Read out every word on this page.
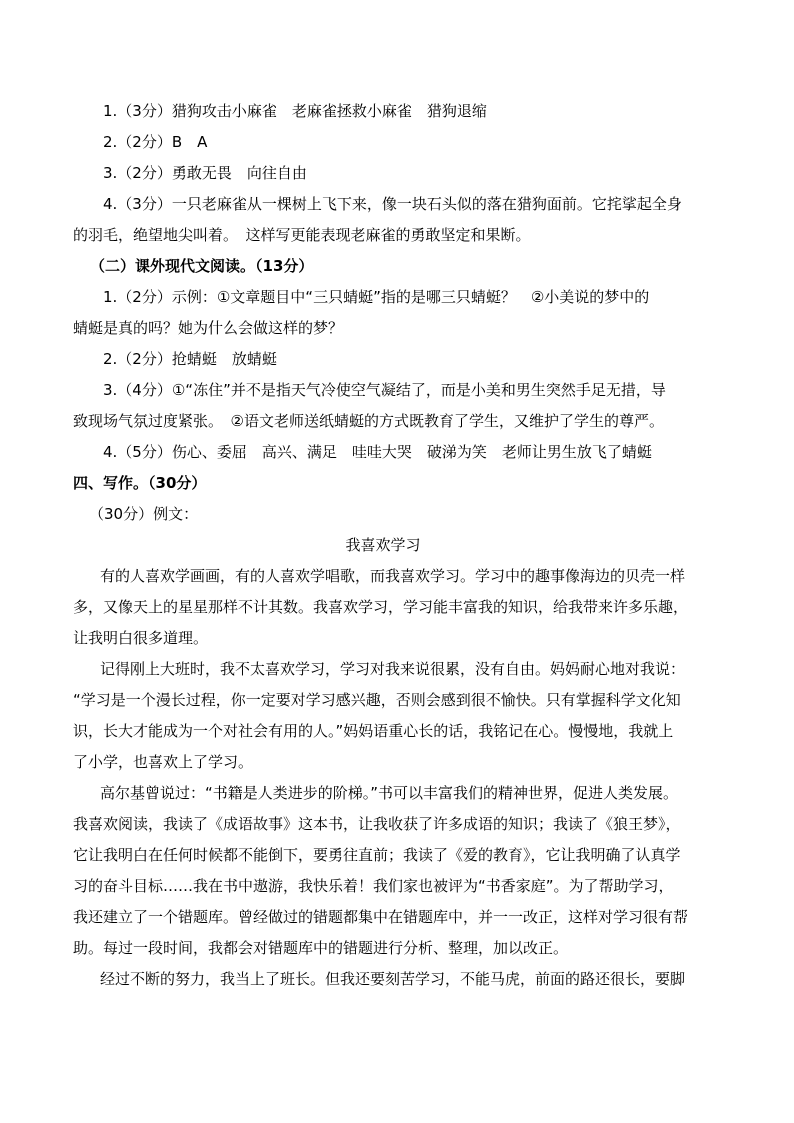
1.（3分）猎狗攻击小麻雀　老麻雀拯救小麻雀　猎狗退缩
2.（2分）B　A
3.（2分）勇敢无畏　向往自由
4.（3分）一只老麻雀从一棵树上飞下来，像一块石头似的落在猎狗面前。它挓挲起全身
的羽毛，绝望地尖叫着。　这样写更能表现老麻雀的勇敢坚定和果断。
（二）课外现代文阅读。（13分）
1.（2分）示例：①文章题目中“三只蜻蜓”指的是哪三只蜻蜓？　②小美说的梦中的
蜻蜓是真的吗？她为什么会做这样的梦？
2.（2分）抢蜻蜓　放蜻蜓
3.（4分）①“冻住”并不是指天气冷使空气凝结了，而是小美和男生突然手足无措，导
致现场气氛过度紧张。　②语文老师送纸蜻蜓的方式既教育了学生，又维护了学生的尊严。
4.（5分）伤心、委屈　高兴、满足　哇哇大哭　破涕为笑　老师让男生放飞了蜻蜓
四、写作。（30分）
（30分）例文：
我喜欢学习
有的人喜欢学画画，有的人喜欢学唱歌，而我喜欢学习。学习中的趣事像海边的贝壳一样
多，又像天上的星星那样不计其数。我喜欢学习，学习能丰富我的知识，给我带来许多乐趣，
让我明白很多道理。
记得刚上大班时，我不太喜欢学习，学习对我来说很累，没有自由。妈妈耐心地对我说：
“学习是一个漫长过程，你一定要对学习感兴趣，否则会感到很不愉快。只有掌握科学文化知
识，长大才能成为一个对社会有用的人。”妈妈语重心长的话，我铭记在心。慢慢地，我就上
了小学，也喜欢上了学习。
高尔基曾说过：“书籍是人类进步的阶梯。”书可以丰富我们的精神世界，促进人类发展。
我喜欢阅读，我读了《成语故事》这本书，让我收获了许多成语的知识；我读了《狼王梦》，
它让我明白在任何时候都不能倒下，要勇往直前；我读了《爱的教育》，它让我明确了认真学
习的奋斗目标……我在书中遨游，我快乐着！我们家也被评为“书香家庭”。为了帮助学习，
我还建立了一个错题库。曾经做过的错题都集中在错题库中，并一一改正，这样对学习很有帮
助。每过一段时间，我都会对错题库中的错题进行分析、整理，加以改正。
经过不断的努力，我当上了班长。但我还要刻苦学习，不能马虎，前面的路还很长，要脚
